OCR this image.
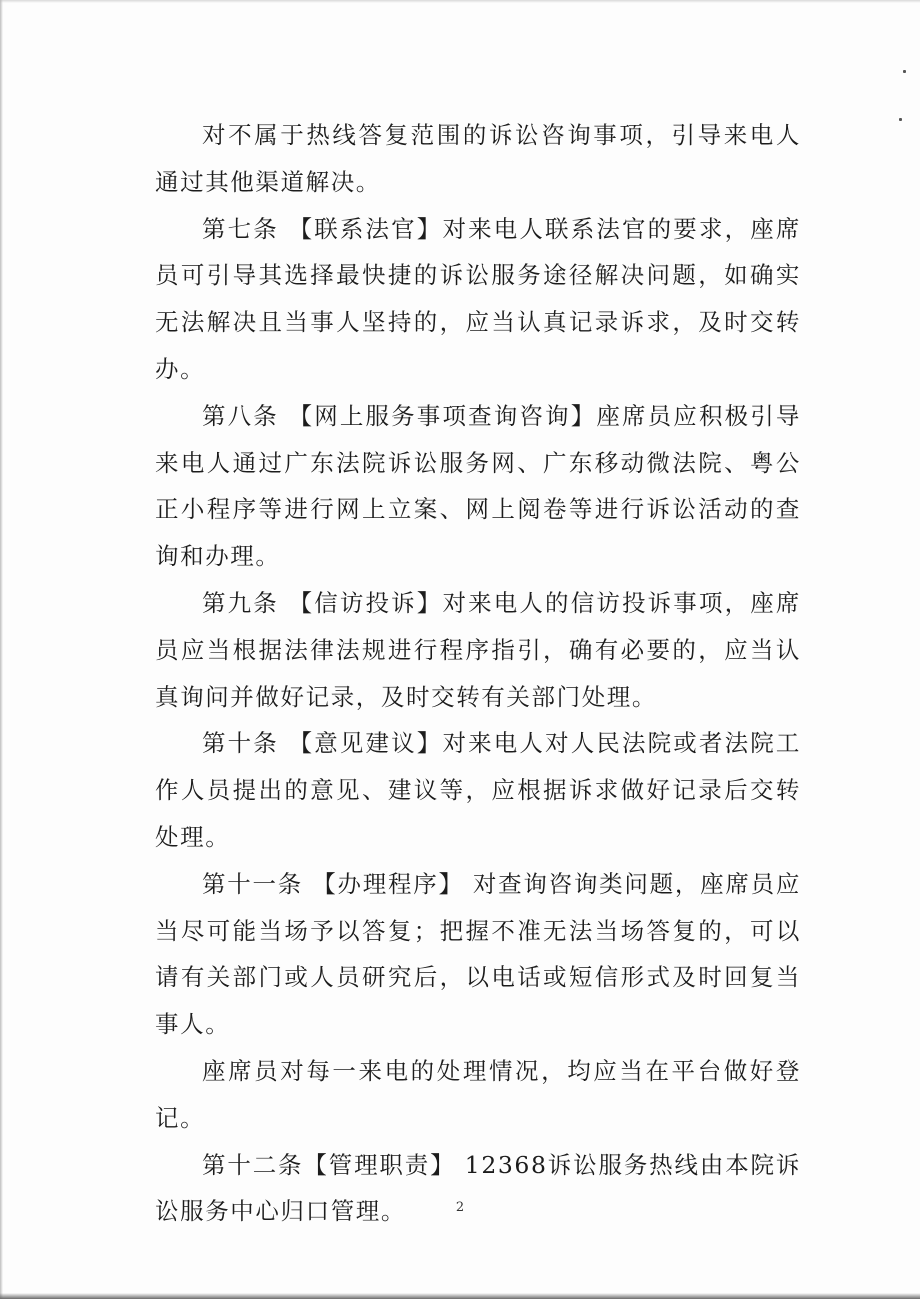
对不属于热线答复范围的诉讼咨询事项，引导来电人通过其他渠道解决。

第七条 【联系法官】对来电人联系法官的要求，座席员可引导其选择最快捷的诉讼服务途径解决问题，如确实无法解决且当事人坚持的，应当认真记录诉求，及时交转办。

第八条 【网上服务事项查询咨询】座席员应积极引导来电人通过广东法院诉讼服务网、广东移动微法院、粤公正小程序等进行网上立案、网上阅卷等进行诉讼活动的查询和办理。

第九条 【信访投诉】对来电人的信访投诉事项，座席员应当根据法律法规进行程序指引，确有必要的，应当认真询问并做好记录，及时交转有关部门处理。

第十条 【意见建议】对来电人对人民法院或者法院工作人员提出的意见、建议等，应根据诉求做好记录后交转处理。

第十一条 【办理程序】 对查询咨询类问题，座席员应当尽可能当场予以答复；把握不准无法当场答复的，可以请有关部门或人员研究后，以电话或短信形式及时回复当事人。

座席员对每一来电的处理情况，均应当在平台做好登记。

第十二条【管理职责】 12368诉讼服务热线由本院诉讼服务中心归口管理。	2
